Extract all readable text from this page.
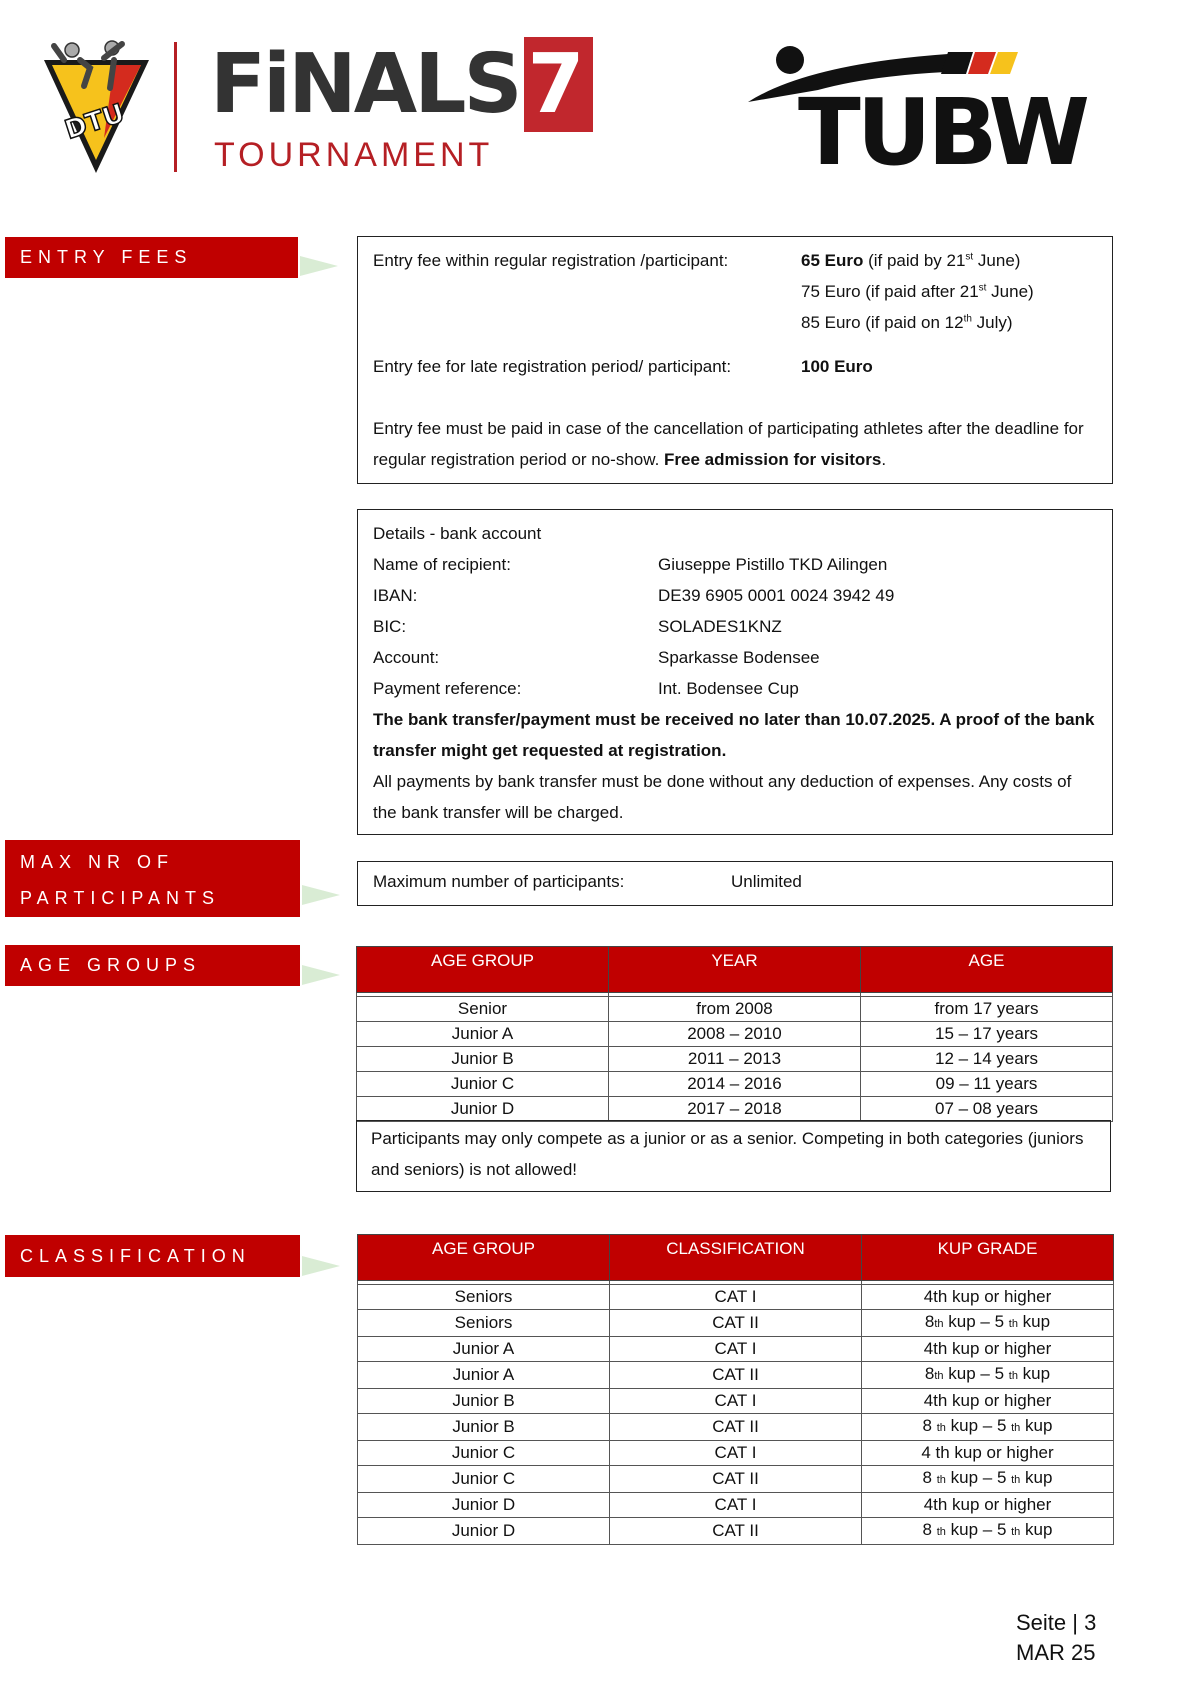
DTU FiNALS7
TOURNAMENT	TUBW
ENTRY FEES	Entry fee within regular registration /participant:	65 Euro (if paid by 21st June)
75 Euro (if paid after 21st June)
85 Euro (if paid on 12th July)
Entry fee for late registration period/ participant:	100 Euro
Entry fee must be paid in case of the cancellation of participating athletes after the deadline for regular registration period or no-show. Free admission for visitors.
Details - bank account
Name of recipient:	Giuseppe Pistillo TKD Ailingen
IBAN:	DE39 6905 0001 0024 3942 49
BIC:	SOLADES1KNZ
Account:	Sparkasse Bodensee
Payment reference:	Int. Bodensee Cup
The bank transfer/payment must be received no later than 10.07.2025. A proof of the bank transfer might get requested at registration.
All payments by bank transfer must be done without any deduction of expenses. Any costs of the bank transfer will be charged.
MAX NR OF
PARTICIPANTS
Maximum number of participants:	Unlimited
AGE GROUPS	AGE GROUP	YEAR	AGE

Senior	from 2008	from 17 years
Junior A	2008 – 2010	15 – 17 years
Junior B	2011 – 2013	12 – 14 years
Junior C	2014 – 2016	09 – 11 years
Junior D	2017 – 2018	07 – 08 years
Participants may only compete as a junior or as a senior. Competing in both categories (juniors and seniors) is not allowed!
CLASSIFICATION	AGE GROUP	CLASSIFICATION	KUP GRADE

Seniors	CAT I	4th kup or higher
Seniors	CAT II	8th kup – 5 th kup
Junior A	CAT I	4th kup or higher
Junior A	CAT II	8th kup – 5 th kup
Junior B	CAT I	4th kup or higher
Junior B	CAT II	8 th kup – 5 th kup
Junior C	CAT I	4 th kup or higher
Junior C	CAT II	8 th kup – 5 th kup
Junior D	CAT I	4th kup or higher
Junior D	CAT II	8 th kup – 5 th kup
Seite | 3
MAR 25
